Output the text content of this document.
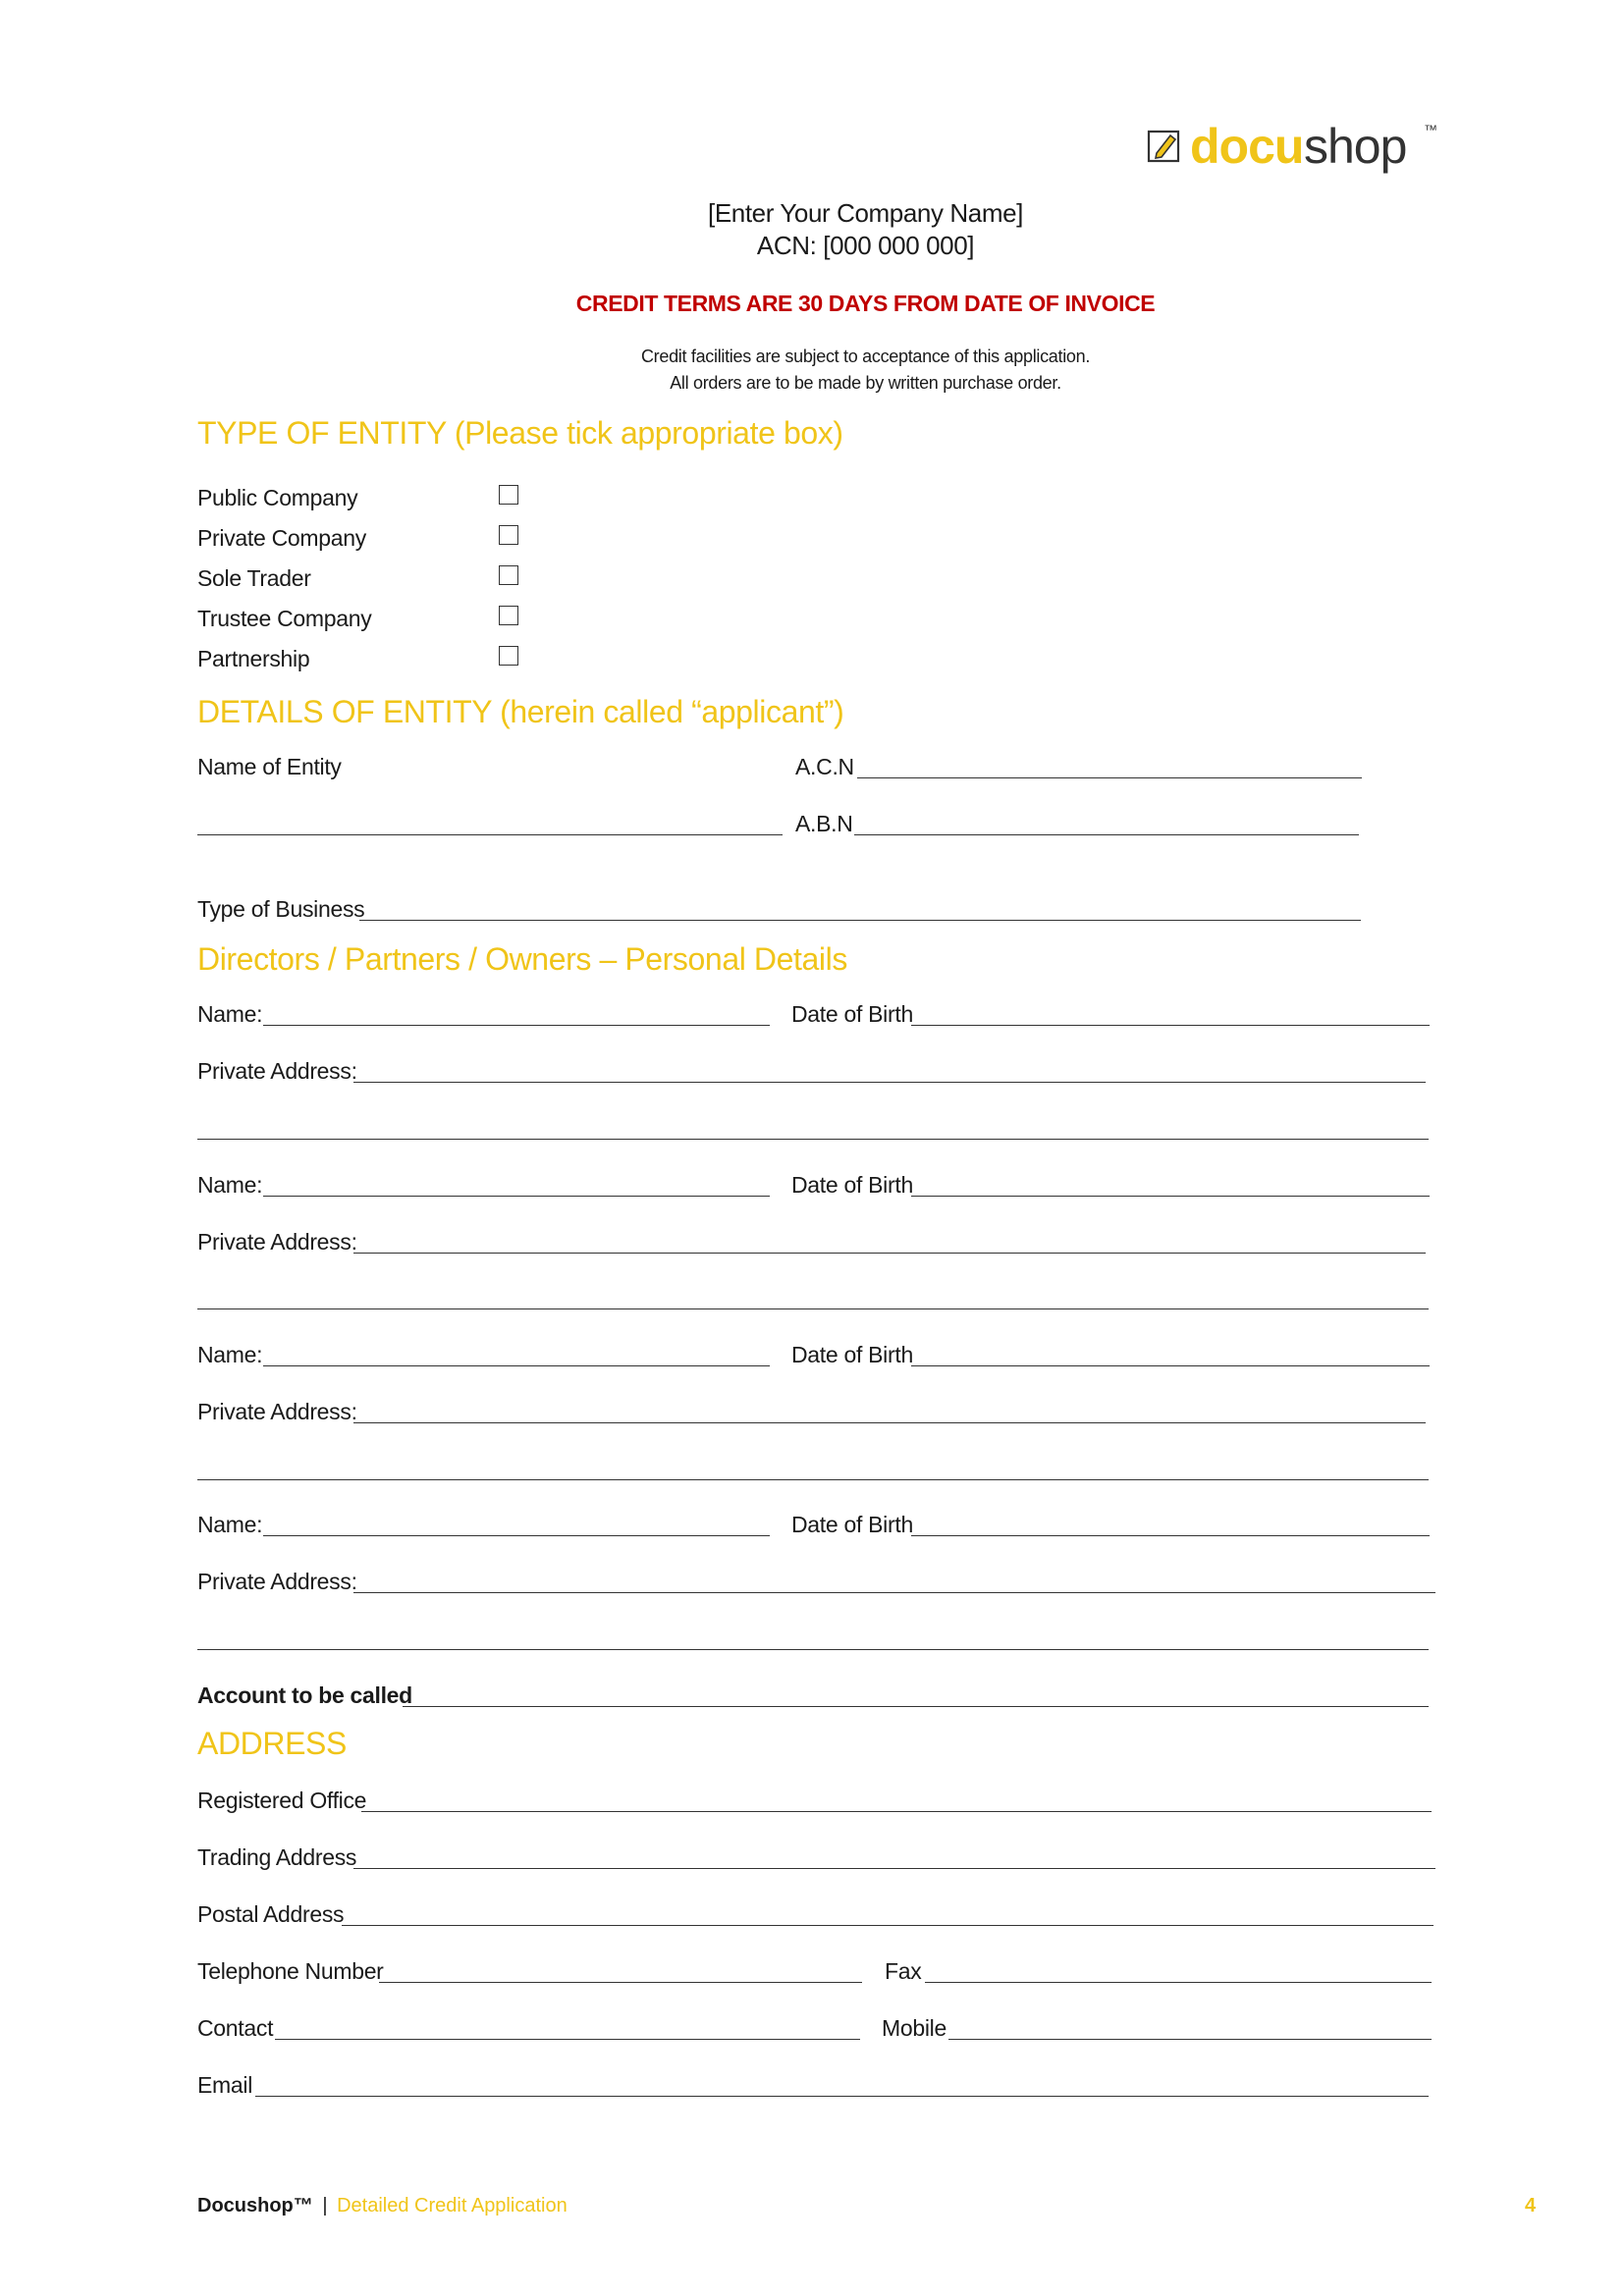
docu shop ™
[Enter Your Company Name]
ACN: [000 000 000]
CREDIT TERMS ARE 30 DAYS FROM DATE OF INVOICE
Credit facilities are subject to acceptance of this application.
All orders are to be made by written purchase order.
TYPE OF ENTITY (Please tick appropriate box)
Public Company
Private Company
Sole Trader
Trustee Company
Partnership
DETAILS OF ENTITY (herein called “applicant”)
Name of Entity	A.C.N
A.B.N
Type of Business
Directors / Partners / Owners – Personal Details
Name:	Date of Birth
Private Address:
Name:	Date of Birth
Private Address:
Name:	Date of Birth
Private Address:
Name:	Date of Birth
Private Address:
Account to be called
ADDRESS
Registered Office
Trading Address
Postal Address
Telephone Number	Fax
Contact	Mobile
Email
Docushop™ | Detailed Credit Application	4
